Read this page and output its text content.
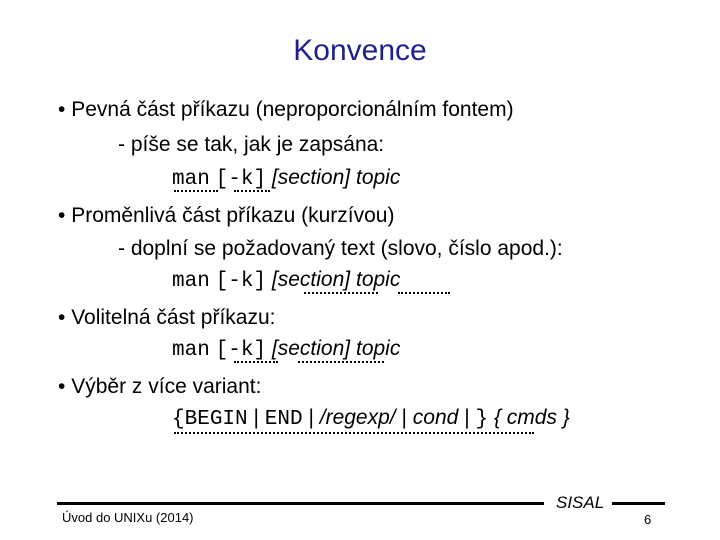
Konvence
• Pevná část příkazu (neproporcionálním fontem)
- píše se tak, jak je zapsána:
man [-k] [section] topic
• Proměnlivá část příkazu (kurzívou)
- doplní se požadovaný text (slovo, číslo apod.):
man [-k] [section] topic
• Volitelná část příkazu:
man [-k] [section] topic
• Výběr z více variant:
{BEGIN | END | /regexp/ | cond | } { cmds }
Úvod do UNIXu (2014)
SISAL
6
